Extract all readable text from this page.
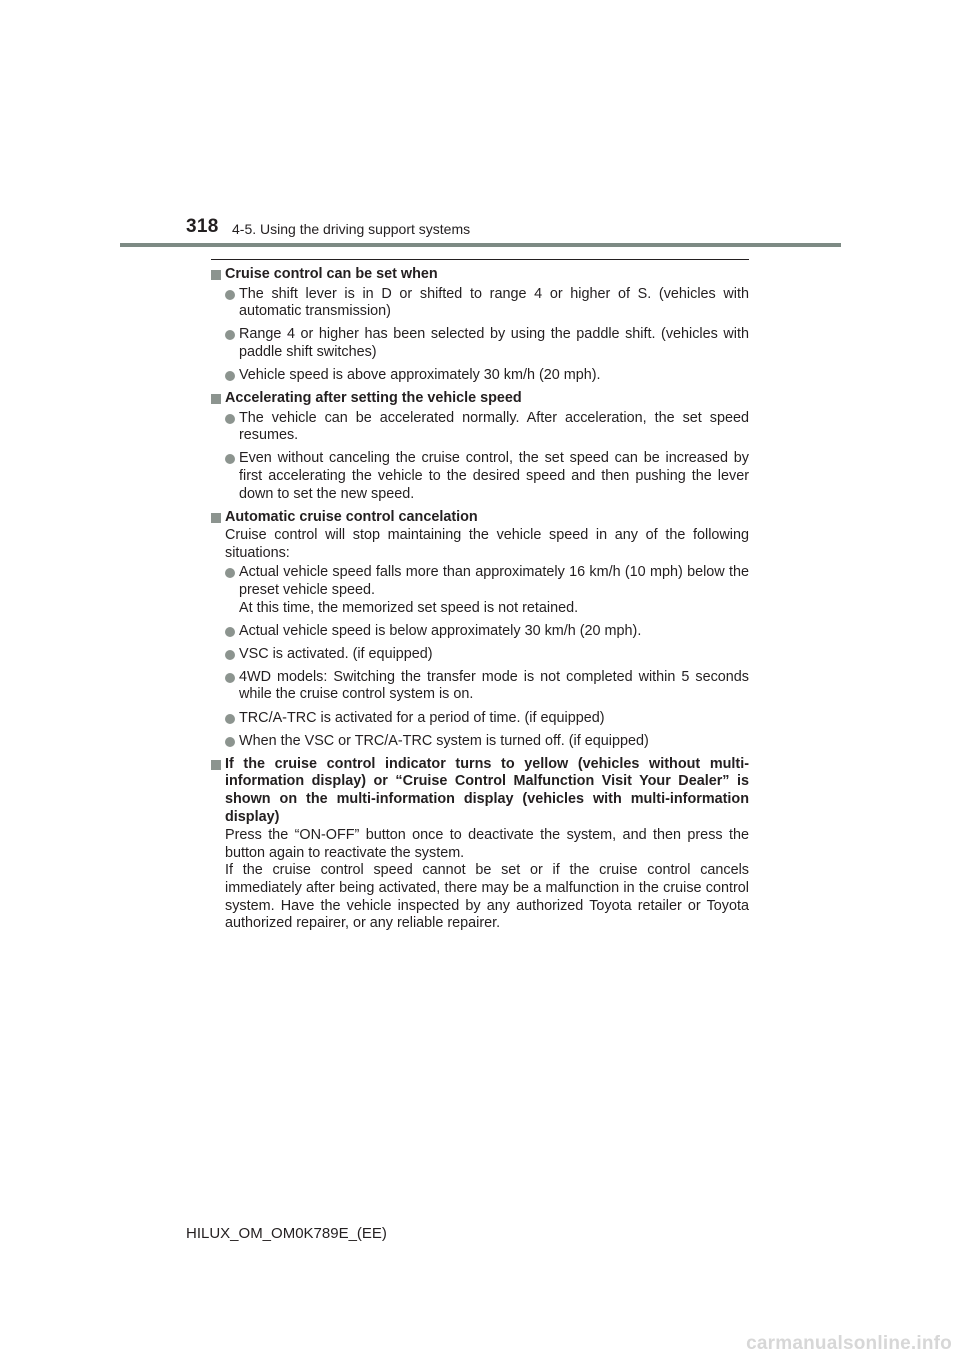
318 4-5. Using the driving support systems
Cruise control can be set when
The shift lever is in D or shifted to range 4 or higher of S. (vehicles with automatic transmission)
Range 4 or higher has been selected by using the paddle shift. (vehicles with paddle shift switches)
Vehicle speed is above approximately 30 km/h (20 mph).
Accelerating after setting the vehicle speed
The vehicle can be accelerated normally. After acceleration, the set speed resumes.
Even without canceling the cruise control, the set speed can be increased by first accelerating the vehicle to the desired speed and then pushing the lever down to set the new speed.
Automatic cruise control cancelation
Cruise control will stop maintaining the vehicle speed in any of the following situations:
Actual vehicle speed falls more than approximately 16 km/h (10 mph) below the preset vehicle speed.
At this time, the memorized set speed is not retained.
Actual vehicle speed is below approximately 30 km/h (20 mph).
VSC is activated. (if equipped)
4WD models: Switching the transfer mode is not completed within 5 seconds while the cruise control system is on.
TRC/A-TRC is activated for a period of time. (if equipped)
When the VSC or TRC/A-TRC system is turned off. (if equipped)
If the cruise control indicator turns to yellow (vehicles without multi-information display) or “Cruise Control Malfunction Visit Your Dealer” is shown on the multi-information display (vehicles with multi-information display)
Press the “ON-OFF” button once to deactivate the system, and then press the button again to reactivate the system.
If the cruise control speed cannot be set or if the cruise control cancels immediately after being activated, there may be a malfunction in the cruise control system. Have the vehicle inspected by any authorized Toyota retailer or Toyota authorized repairer, or any reliable repairer.
HILUX_OM_OM0K789E_(EE)
carmanualsonline.info
